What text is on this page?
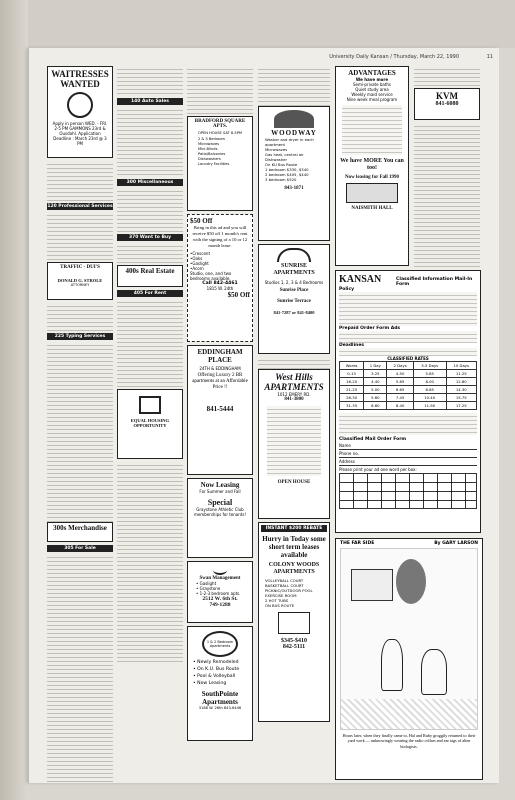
University Daily Kansan / Thursday, March 22, 1990	11
WAITRESSES WANTED
Apply in person WED. - FRI. 2-5 PM GAMMONS 23rd & Ousdahl. Application Deadline : March 23rd @ 3 PM
120 Professional Services
TRAFFIC - DUI'S
DONALD G. STROLE
ATTORNEY
225 Typing Services
300s Merchandise
305 For Sale
140 Auto Sales
300 Miscellaneous
370 Want to Buy
400s Real Estate
405 For Rent
EQUAL HOUSING OPPORTUNITY
BRADFORD SQUARE APTS.
OPEN HOUSE SAT 8-5PM
2 & 3 Bedroom
Microwaves
Mini-Blinds
Patio/Balconies
Dishwashers
Laundry Facilities
$50 Off
Bring in this ad and you will receive $50 off 1 month's rent with the signing of a 10 or 12 month lease.
•Crescent
•Oaks
•Gaslight
•Acorn
Studio, one, and two bedrooms available.
Call 842-4461
1815 W. 24th
$50 Off
EDDINGHAM PLACE
24TH & EDDINGHAM
Offering Luxury 2 BR apartments at an Affordable Price !!
841-5444
Now Leasing
For Summer and Fall
Special
Graystone Athletic Club memberships for tenants!
Swan Management
• Gaslight
• Graystone
• 1-2-3 bedroom apts.
2512 W. 6th St.
749-1288
1 & 2 Bedroom Apartments
• Newly Remodeled
• On K.U. Bus Route
• Pool & Volleyball
• Now Leasing
SouthPointe Apartments
3188 W. 26th 843-6446
WOODWAY
Washer and dryer in each apartment
Microwaves
Gas heat, central air
Dishwasher
On KU Bus Route
1 bedroom $330, $340
2 bedroom $405, $440
3 bedroom $520
843-1871
SUNRISE APARTMENTS
Studios 1, 2, 3 & 4 Bedrooms
Sunrise Place
Sunrise Terrace
841-7287 or 841-8400
West Hills APARTMENTS
1012 EMERY RD.
841-3800
OPEN HOUSE
INSTANT $200 REBATE
Hurry in Today some short term leases available
COLONY WOODS APARTMENTS
VOLLEYBALL COURT
BASKETBALL COURT
PICKNIC/OUTDOOR POOL
EXERCISE ROOM
2 HOT TUBS
ON BUS ROUTE
$345-$410
842-5111
ADVANTAGES
We have more
Semi-private baths
Quiet study area
Weekly maid service
Nine week meal program
We have MORE You can too!
Now leasing for Fall 1990
NAISMITH HALL
KVM
841-6080
KANSAN	Classified Information Mail-In Form
Policy
Prepaid Order Form Ads
Deadlines
CLASSIFIED RATES
Words	1 Day	2 Days	3-5 Days	10 Days
0-15	3.25	4.50	5.85	11.25
16-20	4.40	5.85	8.00	12.80
21-25	5.00	6.65	8.85	14.30
26-30	5.60	7.45	10.40	15.75
31-35	6.60	8.40	11.90	17.25
Classified Mail Order Form
Name
Phone no.
Address
Please print your ad one word per box:
THE FAR SIDE	By GARY LARSON
Hours later, when they finally came to, Hal and Ruby groggily returned to their yard work — unknowingly wearing the radio collars and ear tags of alien biologists.
